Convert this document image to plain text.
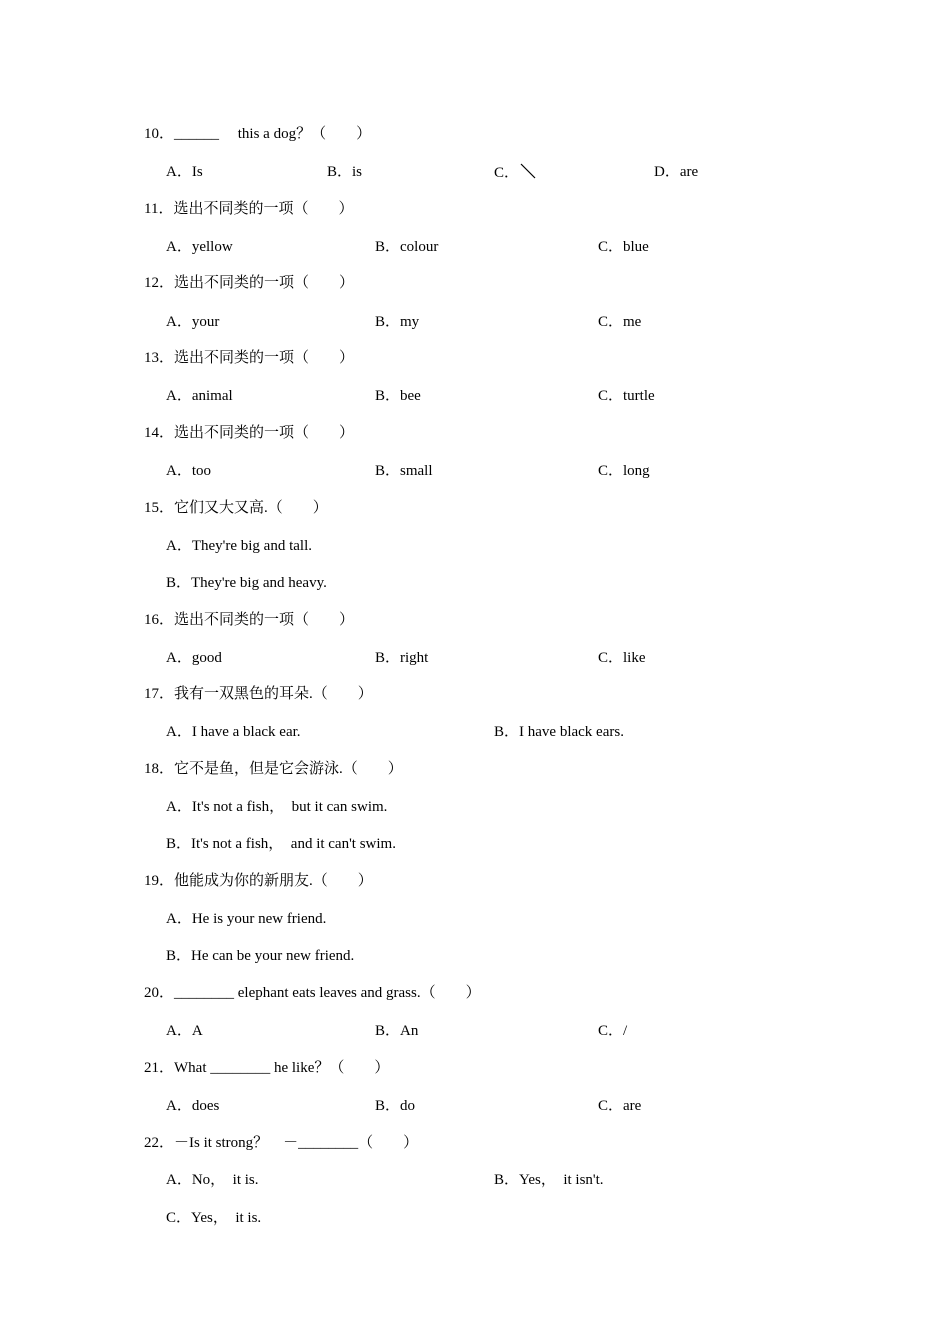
10．______　 this a dog？（　　）
A．Is	B．is	C．	D．are
11．选出不同类的一项（　　）
A．yellow	B．colour	C．blue
12．选出不同类的一项（　　）
A．your	B．my	C．me
13．选出不同类的一项（　　）
A．animal	B．bee	C．turtle
14．选出不同类的一项（　　）
A．too	B．small	C．long
15．它们又大又高.（　　）
A．They're big and tall.
B．They're big and heavy.
16．选出不同类的一项（　　）
A．good	B．right	C．like
17．我有一双黑色的耳朵.（　　）
A．I have a black ear.	B．I have black ears.
18．它不是鱼，但是它会游泳.（　　）
A．It's not a fish，　but it can swim.
B．It's not a fish，　and it can't swim.
19．他能成为你的新朋友.（　　）
A．He is your new friend.
B．He can be your new friend.
20．________ elephant eats leaves and grass.（　　）
A．A	B．An	C．/
21．What ________ he like？（　　）
A．does	B．do	C．are
22．－Is it strong？　－________（　　）
A．No，　it is.	B．Yes，　it isn't.
C．Yes，　it is.
